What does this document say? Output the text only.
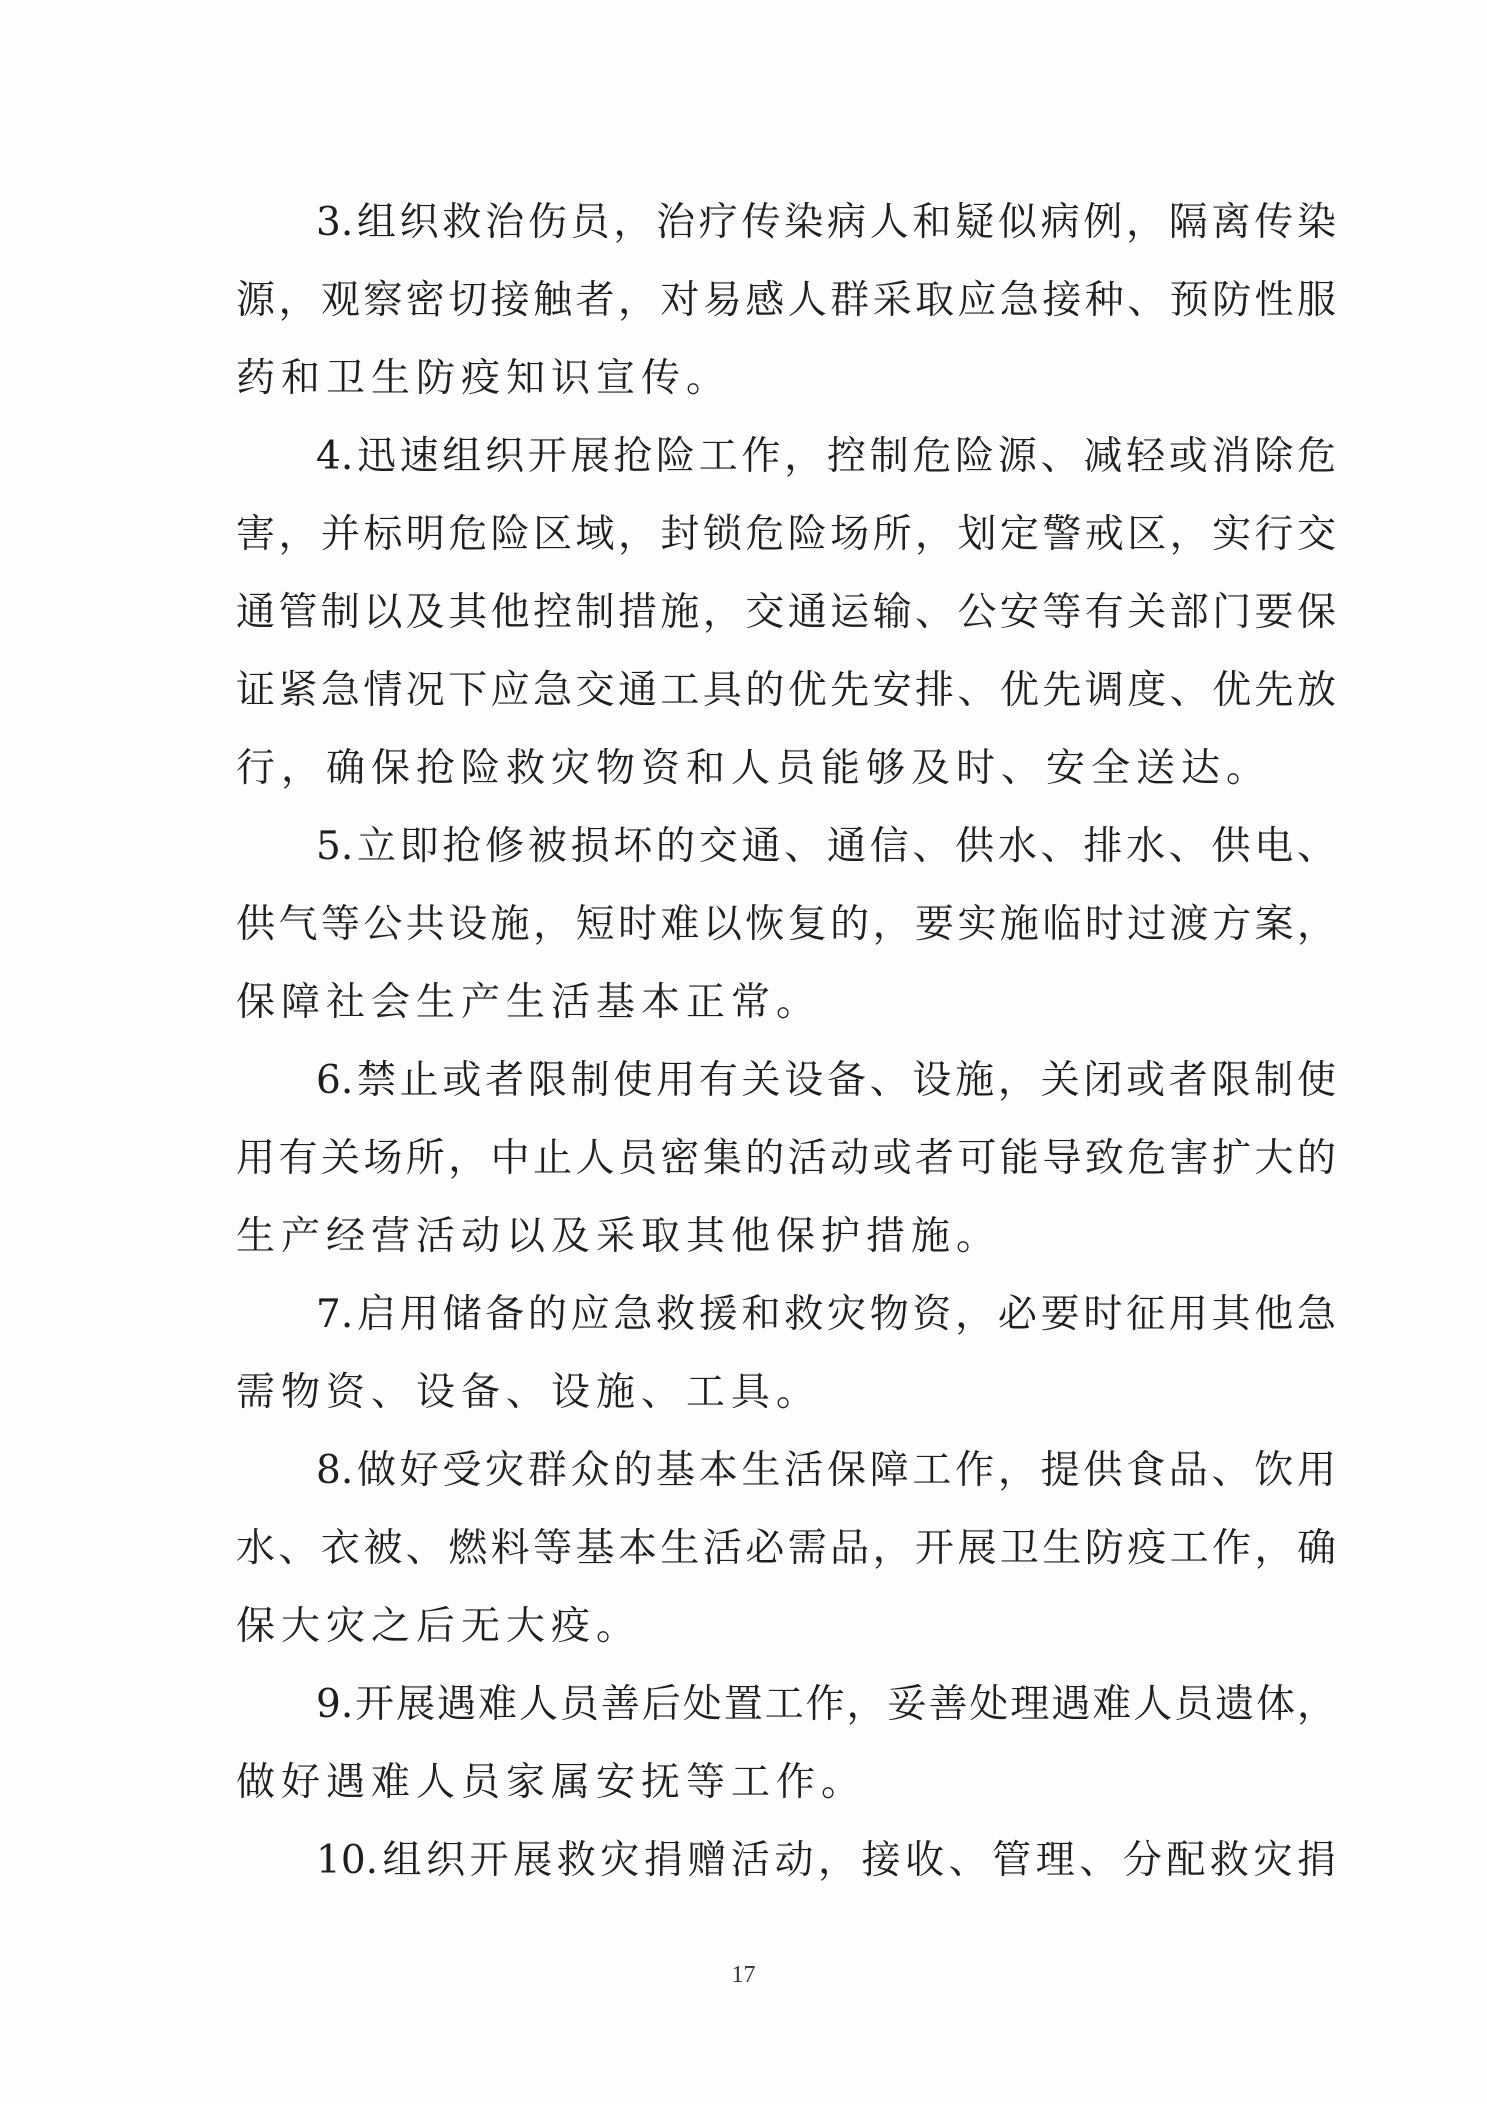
3.组织救治伤员，治疗传染病人和疑似病例，隔离传染
源，观察密切接触者，对易感人群采取应急接种、预防性服
药和卫生防疫知识宣传。
4.迅速组织开展抢险工作，控制危险源、减轻或消除危
害，并标明危险区域，封锁危险场所，划定警戒区，实行交
通管制以及其他控制措施，交通运输、公安等有关部门要保
证紧急情况下应急交通工具的优先安排、优先调度、优先放
行，确保抢险救灾物资和人员能够及时、安全送达。
5.立即抢修被损坏的交通、通信、供水、排水、供电、
供气等公共设施，短时难以恢复的，要实施临时过渡方案，
保障社会生产生活基本正常。
6.禁止或者限制使用有关设备、设施，关闭或者限制使
用有关场所，中止人员密集的活动或者可能导致危害扩大的
生产经营活动以及采取其他保护措施。
7.启用储备的应急救援和救灾物资，必要时征用其他急
需物资、设备、设施、工具。
8.做好受灾群众的基本生活保障工作，提供食品、饮用
水、衣被、燃料等基本生活必需品，开展卫生防疫工作，确
保大灾之后无大疫。
9.开展遇难人员善后处置工作，妥善处理遇难人员遗体，
做好遇难人员家属安抚等工作。
10.组织开展救灾捐赠活动，接收、管理、分配救灾捐
17
